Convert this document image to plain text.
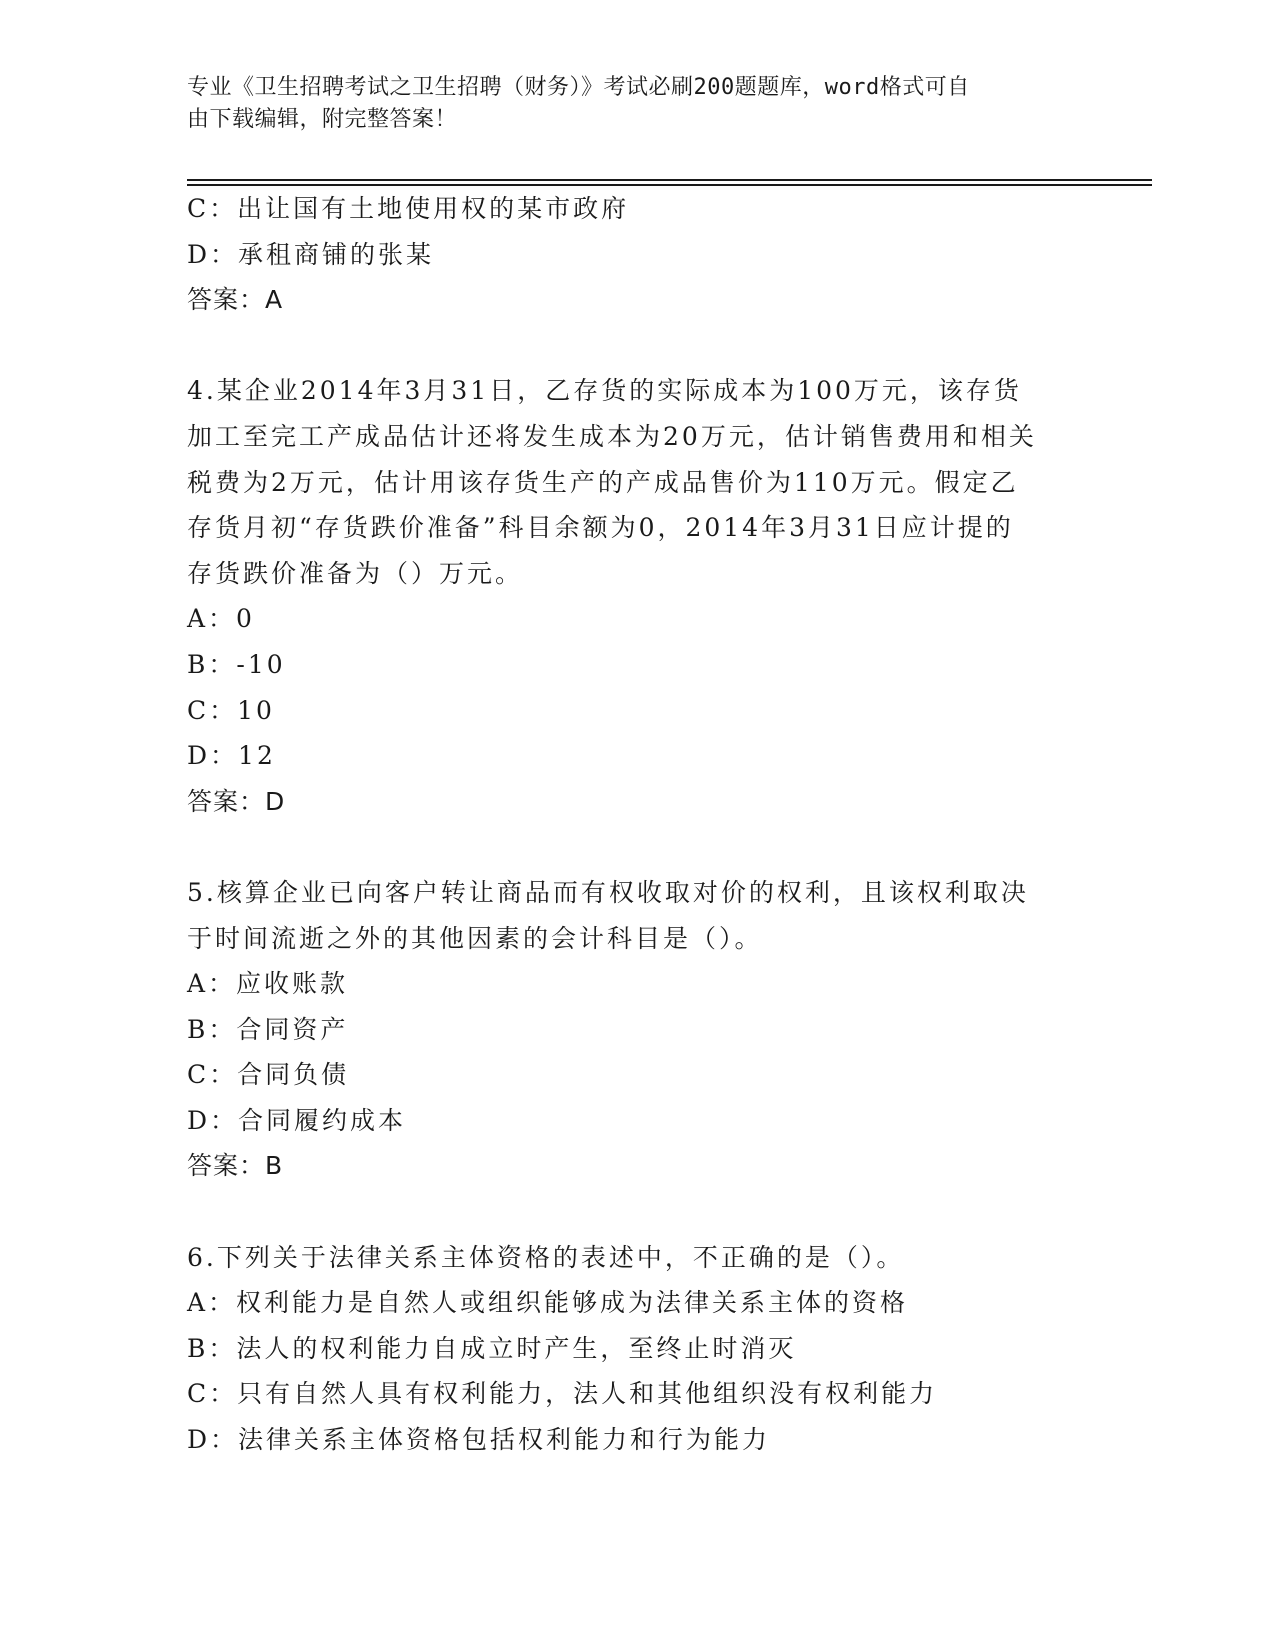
专业《卫生招聘考试之卫生招聘（财务）》考试必刷200题题库，word格式可自
由下载编辑，附完整答案！
C：出让国有土地使用权的某市政府
D：承租商铺的张某
答案：A
4.某企业2014年3月31日，乙存货的实际成本为100万元，该存货
加工至完工产成品估计还将发生成本为20万元，估计销售费用和相关
税费为2万元，估计用该存货生产的产成品售价为110万元。假定乙
存货月初“存货跌价准备”科目余额为0，2014年3月31日应计提的
存货跌价准备为（）万元。
A：0
B：-10
C：10
D：12
答案：D
5.核算企业已向客户转让商品而有权收取对价的权利，且该权利取决
于时间流逝之外的其他因素的会计科目是（）。
A：应收账款
B：合同资产
C：合同负债
D：合同履约成本
答案：B
6.下列关于法律关系主体资格的表述中，不正确的是（）。
A：权利能力是自然人或组织能够成为法律关系主体的资格
B：法人的权利能力自成立时产生，至终止时消灭
C：只有自然人具有权利能力，法人和其他组织没有权利能力
D：法律关系主体资格包括权利能力和行为能力
